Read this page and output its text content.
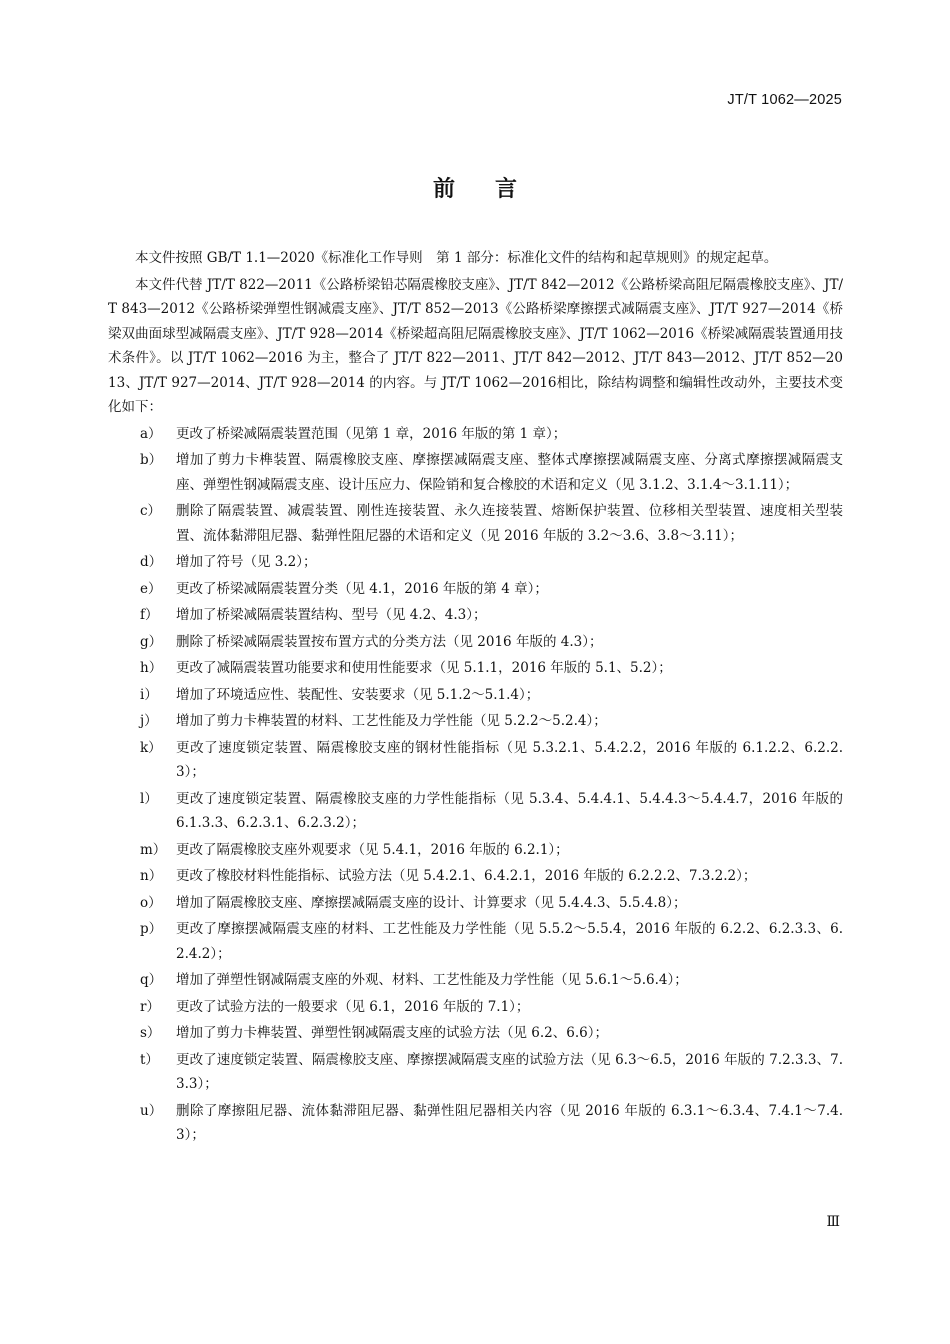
JT/T 1062—2025
前言

本文件按照 GB/T 1.1—2020《标准化工作导则　第 1 部分：标准化文件的结构和起草规则》的规定起草。

本文件代替 JT/T 822—2011《公路桥梁铅芯隔震橡胶支座》、JT/T 842—2012《公路桥梁高阻尼隔震橡胶支座》、JT/T 843—2012《公路桥梁弹塑性钢减震支座》、JT/T 852—2013《公路桥梁摩擦摆式减隔震支座》、JT/T 927—2014《桥梁双曲面球型减隔震支座》、JT/T 928—2014《桥梁超高阻尼隔震橡胶支座》、JT/T 1062—2016《桥梁减隔震装置通用技术条件》。以 JT/T 1062—2016 为主，整合了 JT/T 822—2011、JT/T 842—2012、JT/T 843—2012、JT/T 852—2013、JT/T 927—2014、JT/T 928—2014 的内容。与 JT/T 1062—2016相比，除结构调整和编辑性改动外，主要技术变化如下：

a）	更改了桥梁减隔震装置范围（见第 1 章，2016 年版的第 1 章）；
b）	增加了剪力卡榫装置、隔震橡胶支座、摩擦摆减隔震支座、整体式摩擦摆减隔震支座、分离式摩擦摆减隔震支座、弹塑性钢减隔震支座、设计压应力、保险销和复合橡胶的术语和定义（见 3.1.2、3.1.4～3.1.11）；
c）	删除了隔震装置、减震装置、刚性连接装置、永久连接装置、熔断保护装置、位移相关型装置、速度相关型装置、流体黏滞阻尼器、黏弹性阻尼器的术语和定义（见 2016 年版的 3.2～3.6、3.8～3.11）；
d）	增加了符号（见 3.2）；
e）	更改了桥梁减隔震装置分类（见 4.1，2016 年版的第 4 章）；
f）	增加了桥梁减隔震装置结构、型号（见 4.2、4.3）；
g）	删除了桥梁减隔震装置按布置方式的分类方法（见 2016 年版的 4.3）；
h）	更改了减隔震装置功能要求和使用性能要求（见 5.1.1，2016 年版的 5.1、5.2）；
i）	增加了环境适应性、装配性、安装要求（见 5.1.2～5.1.4）；
j）	增加了剪力卡榫装置的材料、工艺性能及力学性能（见 5.2.2～5.2.4）；
k）	更改了速度锁定装置、隔震橡胶支座的钢材性能指标（见 5.3.2.1、5.4.2.2，2016 年版的 6.1.2.2、6.2.2.3）；
l）	更改了速度锁定装置、隔震橡胶支座的力学性能指标（见 5.3.4、5.4.4.1、5.4.4.3～5.4.4.7，2016 年版的 6.1.3.3、6.2.3.1、6.2.3.2）；
m） 更改了隔震橡胶支座外观要求（见 5.4.1，2016 年版的 6.2.1）；
n）	更改了橡胶材料性能指标、试验方法（见 5.4.2.1、6.4.2.1，2016 年版的 6.2.2.2、7.3.2.2）；
o）	增加了隔震橡胶支座、摩擦摆减隔震支座的设计、计算要求（见 5.4.4.3、5.5.4.8）；
p）	更改了摩擦摆减隔震支座的材料、工艺性能及力学性能（见 5.5.2～5.5.4，2016 年版的 6.2.2、6.2.3.3、6.2.4.2）；
q）	增加了弹塑性钢减隔震支座的外观、材料、工艺性能及力学性能（见 5.6.1～5.6.4）；
r）	更改了试验方法的一般要求（见 6.1，2016 年版的 7.1）；
s）	增加了剪力卡榫装置、弹塑性钢减隔震支座的试验方法（见 6.2、6.6）；
t）	更改了速度锁定装置、隔震橡胶支座、摩擦摆减隔震支座的试验方法（见 6.3～6.5，2016 年版的 7.2.3.3、7.3.3）；
u）	删除了摩擦阻尼器、流体黏滞阻尼器、黏弹性阻尼器相关内容（见 2016 年版的 6.3.1～6.3.4、7.4.1～7.4.3）；
Ⅲ
